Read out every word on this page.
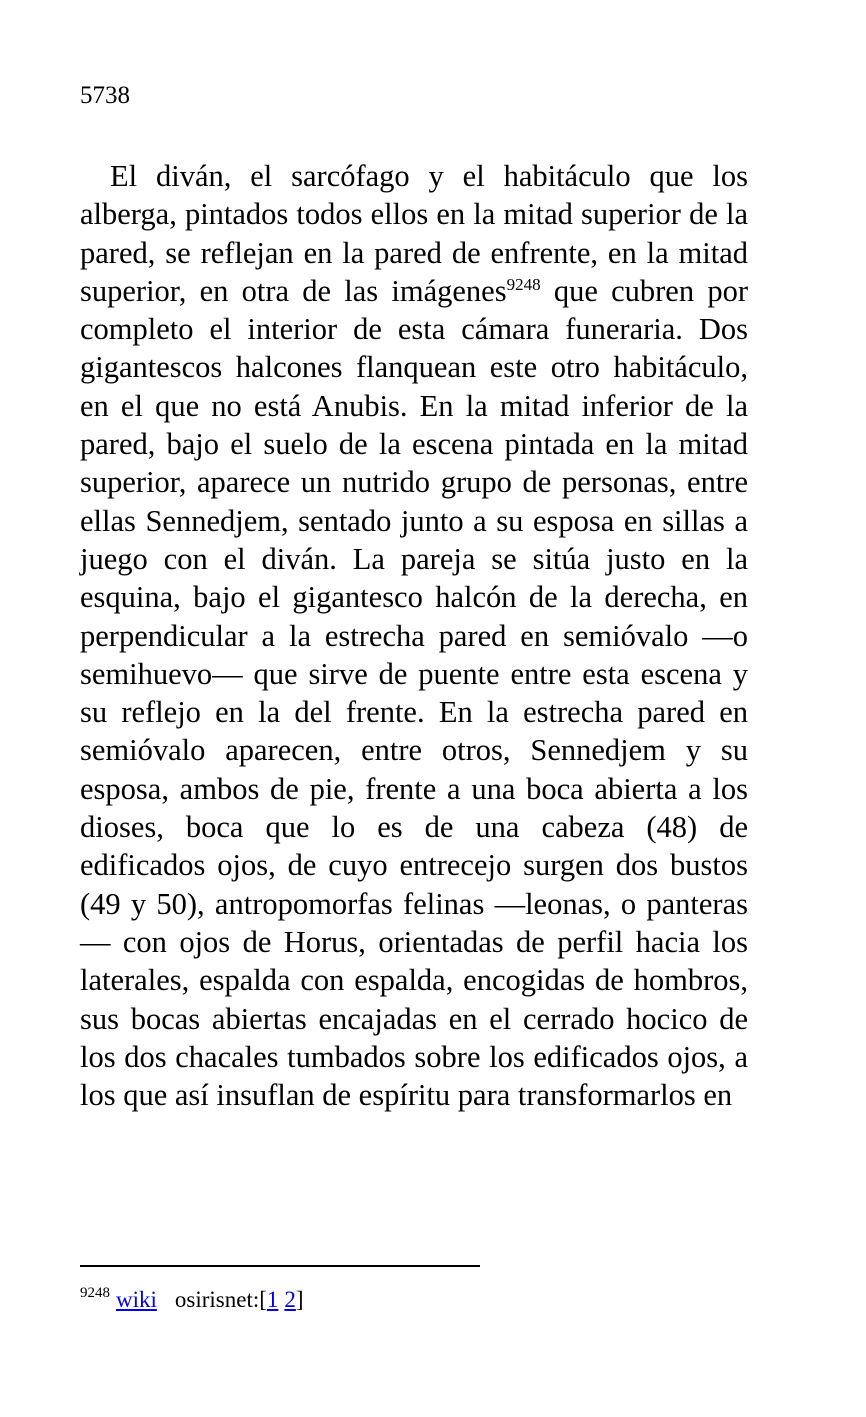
5738

El diván, el sarcófago y el habitáculo que los alberga, pintados todos ellos en la mitad superior de la pared, se reflejan en la pared de enfrente, en la mitad superior, en otra de las imágenes$^{9248}$ que cubren por completo el interior de esta cámara funeraria. Dos gigantescos halcones flanquean este otro habitáculo, en el que no está Anubis. En la mitad inferior de la pared, bajo el suelo de la escena pintada en la mitad superior, aparece un nutrido grupo de personas, entre ellas Sennedjem, sentado junto a su esposa en sillas a juego con el diván. La pareja se sitúa justo en la esquina, bajo el gigantesco halcón de la derecha, en perpendicular a la estrecha pared en semióvalo —o semihuevo— que sirve de puente entre esta escena y su reflejo en la del frente. En la estrecha pared en semióvalo aparecen, entre otros, Sennedjem y su esposa, ambos de pie, frente a una boca abierta a los dioses, boca que lo es de una cabeza (48) de edificados ojos, de cuyo entrecejo surgen dos bustos (49 y 50), antropomorfas felinas —leonas, o panteras— con ojos de Horus, orientadas de perfil hacia los laterales, espalda con espalda, encogidas de hombros, sus bocas abiertas encajadas en el cerrado hocico de los dos chacales tumbados sobre los edificados ojos, a los que así insuflan de espíritu para transformarlos en

$^{9248}$ wiki osirisnet:[1 2]
